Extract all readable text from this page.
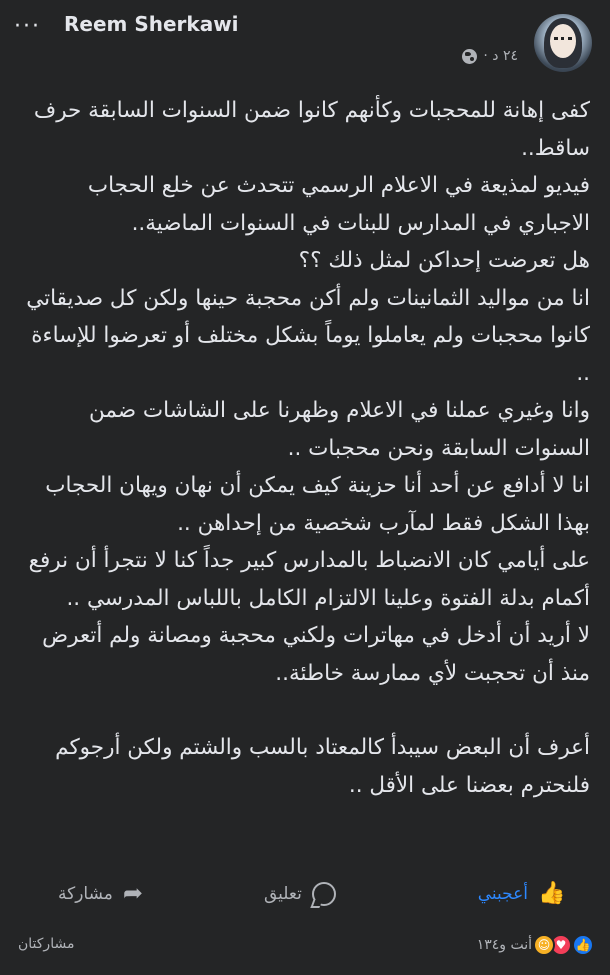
··· Reem Sherkawi
٢٤ د ·

كفى إهانة للمحجبات وكأنهم كانوا ضمن السنوات السابقة حرف ساقط..

فيديو لمذيعة في الاعلام الرسمي تتحدث عن خلع الحجاب الاجباري في المدارس للبنات في السنوات الماضية..

هل تعرضت إحداكن لمثل ذلك ؟؟

انا من مواليد الثمانينات ولم أكن محجبة حينها ولكن كل صديقاتي كانوا محجبات ولم يعاملوا يوماً بشكل مختلف أو تعرضوا للإساءة ..

وانا وغيري عملنا في الاعلام وظهرنا على الشاشات ضمن السنوات السابقة ونحن محجبات ..

انا لا أدافع عن أحد أنا حزينة كيف يمكن أن نهان ويهان الحجاب بهذا الشكل فقط لمآرب شخصية من إحداهن ..

على أيامي كان الانضباط بالمدارس كبير جداً كنا لا نتجرأ أن نرفع أكمام بدلة الفتوة وعلينا الالتزام الكامل باللباس المدرسي ..

لا أريد أن أدخل في مهاترات ولكني محجبة ومصانة ولم أتعرض منذ أن تحجبت لأي ممارسة خاطئة..

أعرف أن البعض سيبدأ كالمعتاد بالسب والشتم ولكن أرجوكم فلنحترم بعضنا على الأقل ..

أعجبني 👍
تعليق
مشاركة ➦
مشاركتان	👍
♥
☺
أنت و١٣٤
